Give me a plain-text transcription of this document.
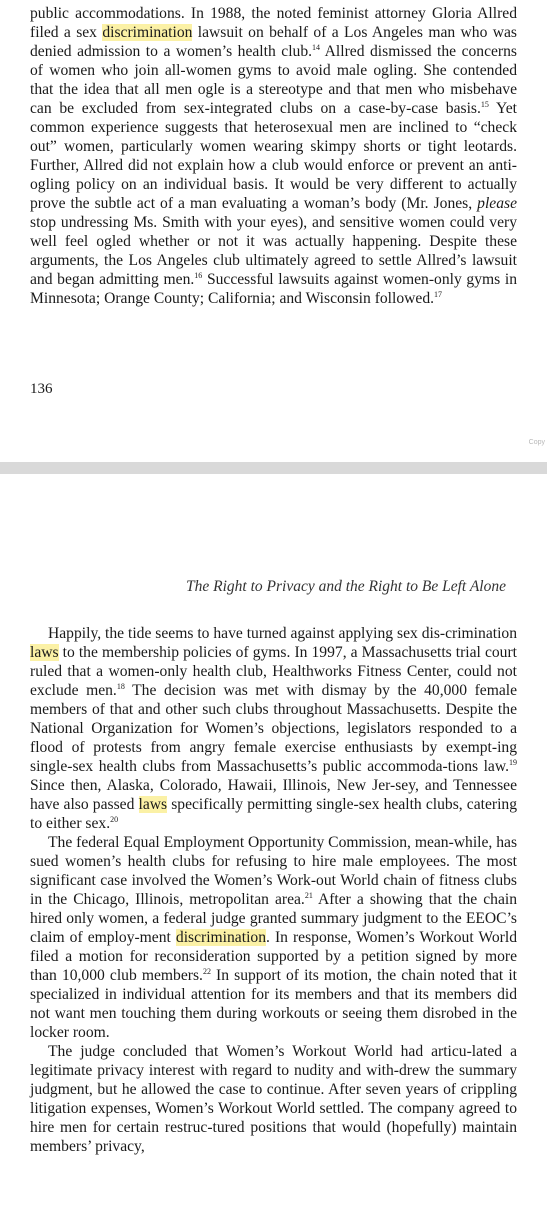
public accommodations. In 1988, the noted feminist attorney Gloria Allred filed a sex discrimination lawsuit on behalf of a Los Angeles man who was denied admission to a women’s health club.$^{14}$ Allred dismissed the concerns of women who join all-women gyms to avoid male ogling. She contended that the idea that all men ogle is a stereotype and that men who misbehave can be excluded from sex-integrated clubs on a case-by-case basis.$^{15}$ Yet common experience suggests that heterosexual men are inclined to “check out” women, particularly women wearing skimpy shorts or tight leotards. Further, Allred did not explain how a club would enforce or prevent an anti-ogling policy on an individual basis. It would be very different to actually prove the subtle act of a man evaluating a woman’s body (Mr. Jones, please stop undressing Ms. Smith with your eyes), and sensitive women could very well feel ogled whether or not it was actually happening. Despite these arguments, the Los Angeles club ultimately agreed to settle Allred’s lawsuit and began admitting men.$^{16}$ Successful lawsuits against women-only gyms in Minnesota; Orange County; California; and Wisconsin followed.$^{17}$

136
Copy
The Right to Privacy and the Right to Be Left Alone

Happily, the tide seems to have turned against applying sex dis-crimination laws to the membership policies of gyms. In 1997, a Massachusetts trial court ruled that a women-only health club, Healthworks Fitness Center, could not exclude men.$^{18}$ The decision was met with dismay by the 40,000 female members of that and other such clubs throughout Massachusetts. Despite the National Organization for Women’s objections, legislators responded to a flood of protests from angry female exercise enthusiasts by exempt-ing single-sex health clubs from Massachusetts’s public accommoda-tions law.$^{19}$ Since then, Alaska, Colorado, Hawaii, Illinois, New Jer-sey, and Tennessee have also passed laws specifically permitting single-sex health clubs, catering to either sex.$^{20}$

The federal Equal Employment Opportunity Commission, mean-while, has sued women’s health clubs for refusing to hire male employees. The most significant case involved the Women’s Work-out World chain of fitness clubs in the Chicago, Illinois, metropolitan area.$^{21}$ After a showing that the chain hired only women, a federal judge granted summary judgment to the EEOC’s claim of employ-ment discrimination. In response, Women’s Workout World filed a motion for reconsideration supported by a petition signed by more than 10,000 club members.$^{22}$ In support of its motion, the chain noted that it specialized in individual attention for its members and that its members did not want men touching them during workouts or seeing them disrobed in the locker room.

The judge concluded that Women’s Workout World had articu-lated a legitimate privacy interest with regard to nudity and with-drew the summary judgment, but he allowed the case to continue. After seven years of crippling litigation expenses, Women’s Workout World settled. The company agreed to hire men for certain restruc-tured positions that would (hopefully) maintain members’ privacy,
